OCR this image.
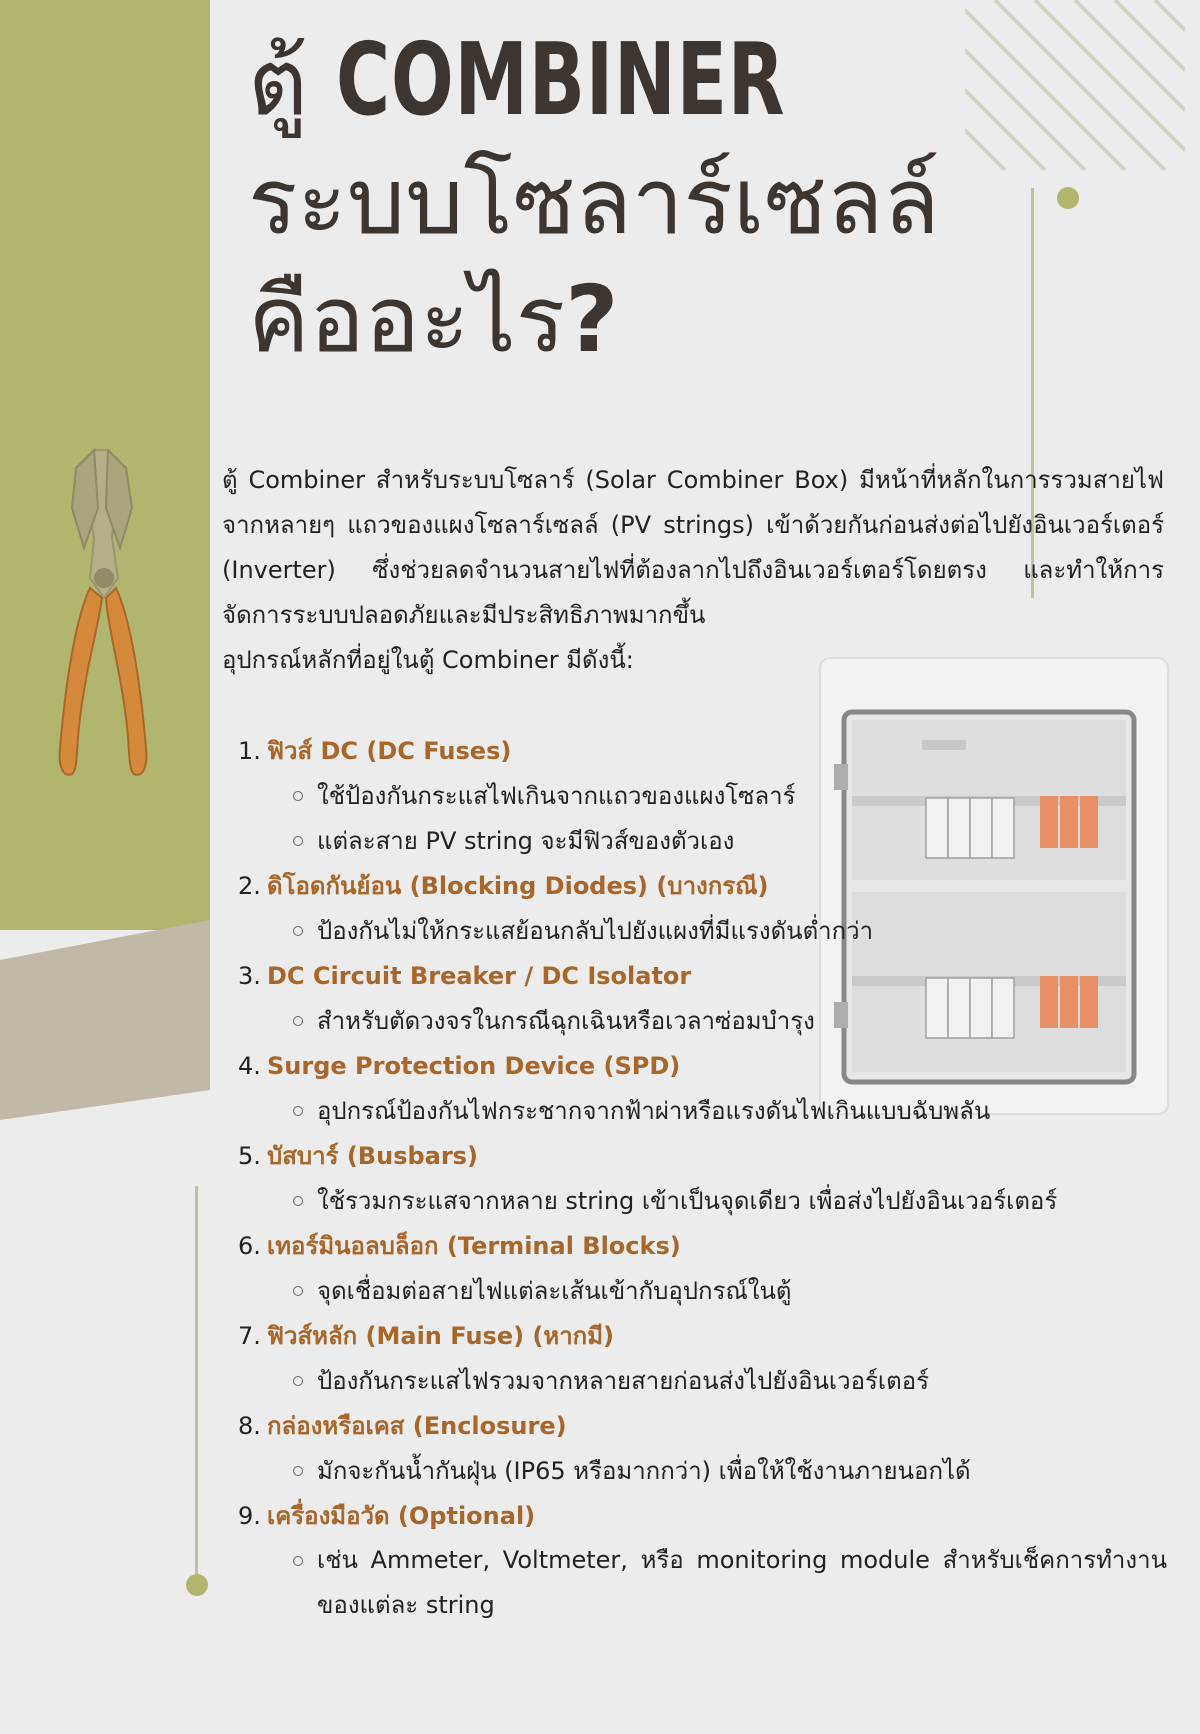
ตู้ COMBINER
ระบบโซลาร์เซลล์
คืออะไร?

ตู้ Combiner สำหรับระบบโซลาร์ (Solar Combiner Box) มีหน้าที่หลักในการรวมสายไฟจากหลายๆ แถวของแผงโซลาร์เซลล์ (PV strings) เข้าด้วยกันก่อนส่งต่อไปยังอินเวอร์เตอร์ (Inverter) ซึ่งช่วยลดจำนวนสายไฟที่ต้องลากไปถึงอินเวอร์เตอร์โดยตรง และทำให้การจัดการระบบปลอดภัยและมีประสิทธิภาพมากขึ้น

อุปกรณ์หลักที่อยู่ในตู้ Combiner มีดังนี้:

1. ฟิวส์ DC (DC Fuses)
ใช้ป้องกันกระแสไฟเกินจากแถวของแผงโซลาร์
แต่ละสาย PV string จะมีฟิวส์ของตัวเอง
2. ดิโอดกันย้อน (Blocking Diodes) (บางกรณี)
ป้องกันไม่ให้กระแสย้อนกลับไปยังแผงที่มีแรงดันต่ำกว่า
3. DC Circuit Breaker / DC Isolator
สำหรับตัดวงจรในกรณีฉุกเฉินหรือเวลาซ่อมบำรุง
4. Surge Protection Device (SPD)
อุปกรณ์ป้องกันไฟกระชากจากฟ้าผ่าหรือแรงดันไฟเกินแบบฉับพลัน
5. บัสบาร์ (Busbars)
ใช้รวมกระแสจากหลาย string เข้าเป็นจุดเดียว เพื่อส่งไปยังอินเวอร์เตอร์
6. เทอร์มินอลบล็อก (Terminal Blocks)
จุดเชื่อมต่อสายไฟแต่ละเส้นเข้ากับอุปกรณ์ในตู้
7. ฟิวส์หลัก (Main Fuse) (หากมี)
ป้องกันกระแสไฟรวมจากหลายสายก่อนส่งไปยังอินเวอร์เตอร์
8. กล่องหรือเคส (Enclosure)
มักจะกันน้ำกันฝุ่น (IP65 หรือมากกว่า) เพื่อให้ใช้งานภายนอกได้
9. เครื่องมือวัด (Optional)
เช่น Ammeter, Voltmeter, หรือ monitoring module สำหรับเช็คการทำงานของแต่ละ string
